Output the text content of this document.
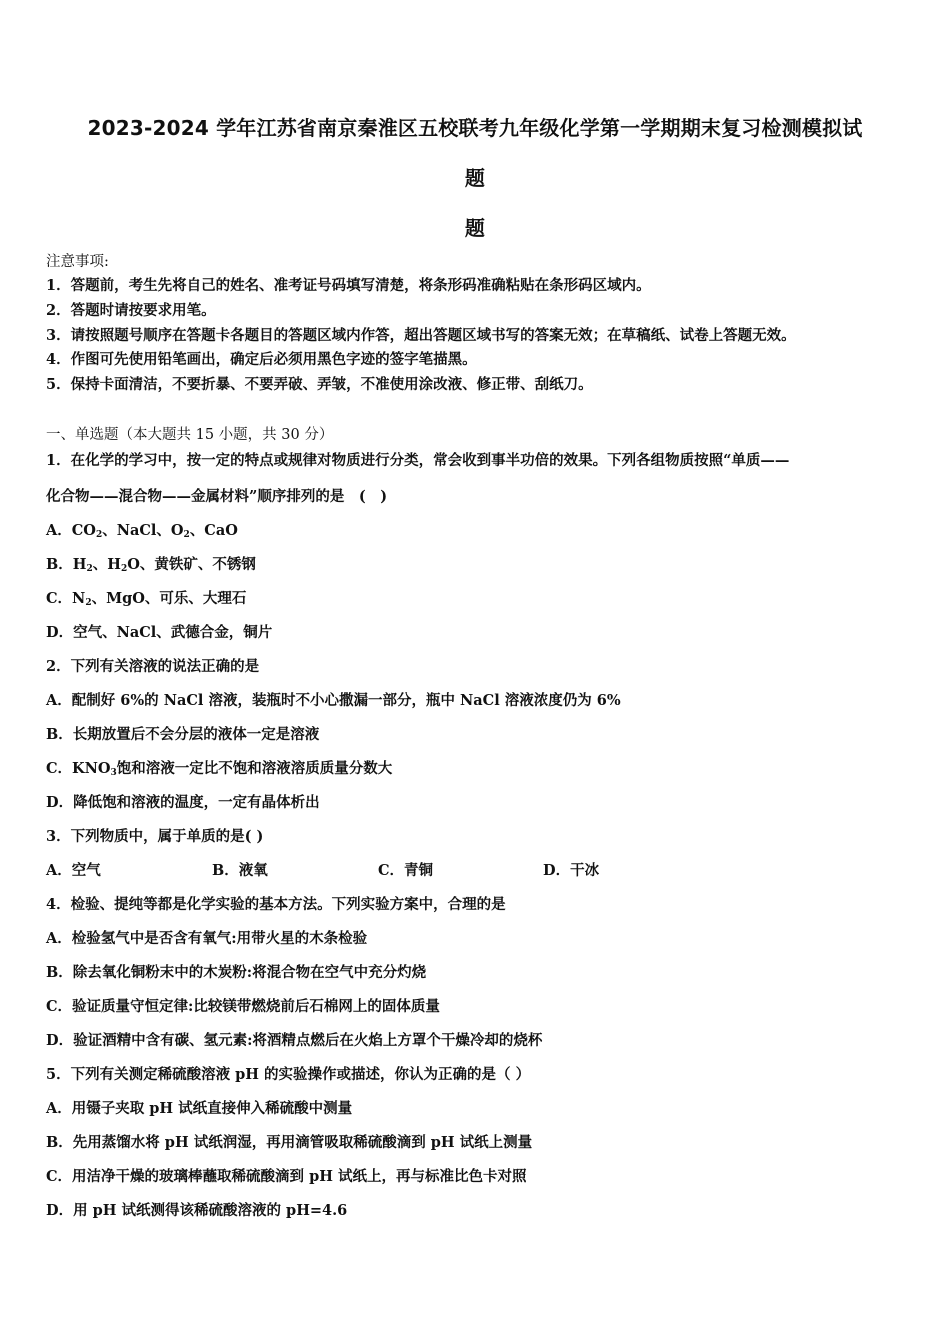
2023-2024 学年江苏省南京秦淮区五校联考九年级化学第一学期期末复习检测模拟试
题
题
注意事项:
1．答题前，考生先将自己的姓名、准考证号码填写清楚，将条形码准确粘贴在条形码区域内。
2．答题时请按要求用笔。
3．请按照题号顺序在答题卡各题目的答题区域内作答，超出答题区域书写的答案无效；在草稿纸、试卷上答题无效。
4．作图可先使用铅笔画出，确定后必须用黑色字迹的签字笔描黑。
5．保持卡面清洁，不要折暴、不要弄破、弄皱，不准使用涂改液、修正带、刮纸刀。
一、单选题（本大题共 15 小题，共 30 分）
1．在化学的学习中，按一定的特点或规律对物质进行分类，常会收到事半功倍的效果。下列各组物质按照“单质——
化合物——混合物——金属材料”顺序排列的是　(　)
A．$CO_2$、NaCl、$O_2$、CaO
B．$H_2$、$H_2O$、黄铁矿、不锈钢
C．$N_2$、MgO、可乐、大理石
D．空气、NaCl、武德合金，铜片
2．下列有关溶液的说法正确的是
A．配制好 6%的 NaCl 溶液，装瓶时不小心撒漏一部分，瓶中 NaCl 溶液浓度仍为 6%
B．长期放置后不会分层的液体一定是溶液
C．$KNO_3$饱和溶液一定比不饱和溶液溶质质量分数大
D．降低饱和溶液的温度，一定有晶体析出
3．下列物质中，属于单质的是( )
A．空气	B．液氧	C．青铜	D．干冰
4．检验、提纯等都是化学实验的基本方法。下列实验方案中，合理的是
A．检验氢气中是否含有氧气:用带火星的木条检验
B．除去氧化铜粉末中的木炭粉:将混合物在空气中充分灼烧
C．验证质量守恒定律:比较镁带燃烧前后石棉网上的固体质量
D．验证酒精中含有碳、氢元素:将酒精点燃后在火焰上方罩个干燥冷却的烧杯
5．下列有关测定稀硫酸溶液 pH 的实验操作或描述，你认为正确的是（ ）
A．用镊子夹取 pH 试纸直接伸入稀硫酸中测量
B．先用蒸馏水将 pH 试纸润湿，再用滴管吸取稀硫酸滴到 pH 试纸上测量
C．用洁净干燥的玻璃棒蘸取稀硫酸滴到 pH 试纸上，再与标准比色卡对照
D．用 pH 试纸测得该稀硫酸溶液的 pH=4.6
